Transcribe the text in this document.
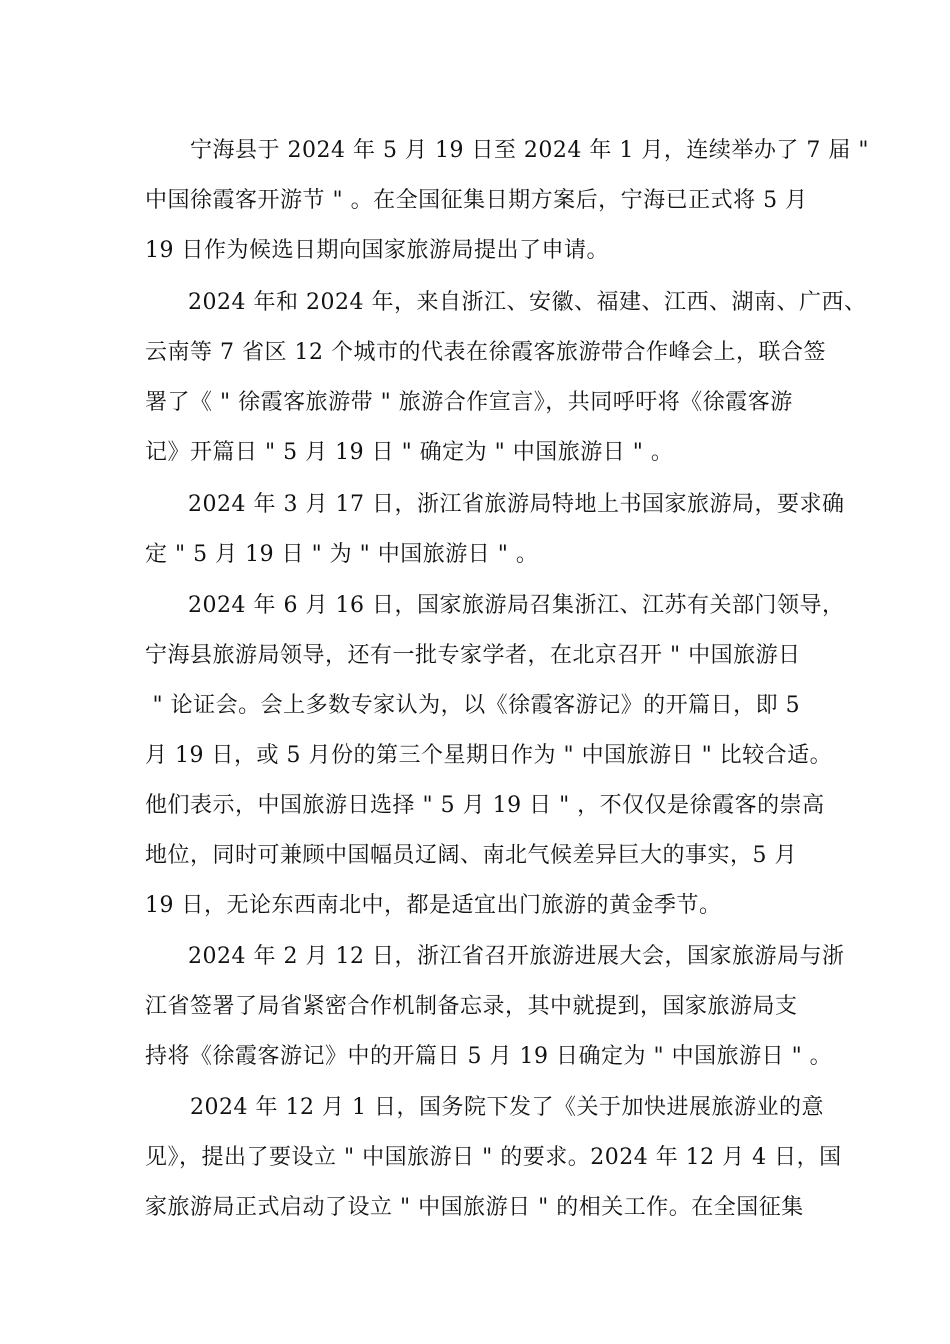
宁海县于 2024 年 5 月 19 日至 2024 年 1 月，连续举办了 7 届 "
中国徐霞客开游节 " 。在全国征集日期方案后，宁海已正式将 5 月
19 日作为候选日期向国家旅游局提出了申请。
2024 年和 2024 年，来自浙江、安徽、福建、江西、湖南、广西、
云南等 7 省区 12 个城市的代表在徐霞客旅游带合作峰会上，联合签
署了《 " 徐霞客旅游带 " 旅游合作宣言》，共同呼吁将《徐霞客游
记》开篇日 " 5 月 19 日 " 确定为 " 中国旅游日 " 。
2024 年 3 月 17 日，浙江省旅游局特地上书国家旅游局，要求确
定 " 5 月 19 日 " 为 " 中国旅游日 " 。
2024 年 6 月 16 日，国家旅游局召集浙江、江苏有关部门领导，
宁海县旅游局领导，还有一批专家学者，在北京召开 " 中国旅游日
" 论证会。会上多数专家认为，以《徐霞客游记》的开篇日，即 5
月 19 日，或 5 月份的第三个星期日作为 " 中国旅游日 " 比较合适。
他们表示，中国旅游日选择 " 5 月 19 日 " ，不仅仅是徐霞客的崇高
地位，同时可兼顾中国幅员辽阔、南北气候差异巨大的事实，5 月
19 日，无论东西南北中，都是适宜出门旅游的黄金季节。
2024 年 2 月 12 日，浙江省召开旅游进展大会，国家旅游局与浙
江省签署了局省紧密合作机制备忘录，其中就提到，国家旅游局支
持将《徐霞客游记》中的开篇日 5 月 19 日确定为 " 中国旅游日 " 。
2024 年 12 月 1 日，国务院下发了《关于加快进展旅游业的意
见》，提出了要设立 " 中国旅游日 " 的要求。2024 年 12 月 4 日，国
家旅游局正式启动了设立 " 中国旅游日 " 的相关工作。在全国征集
